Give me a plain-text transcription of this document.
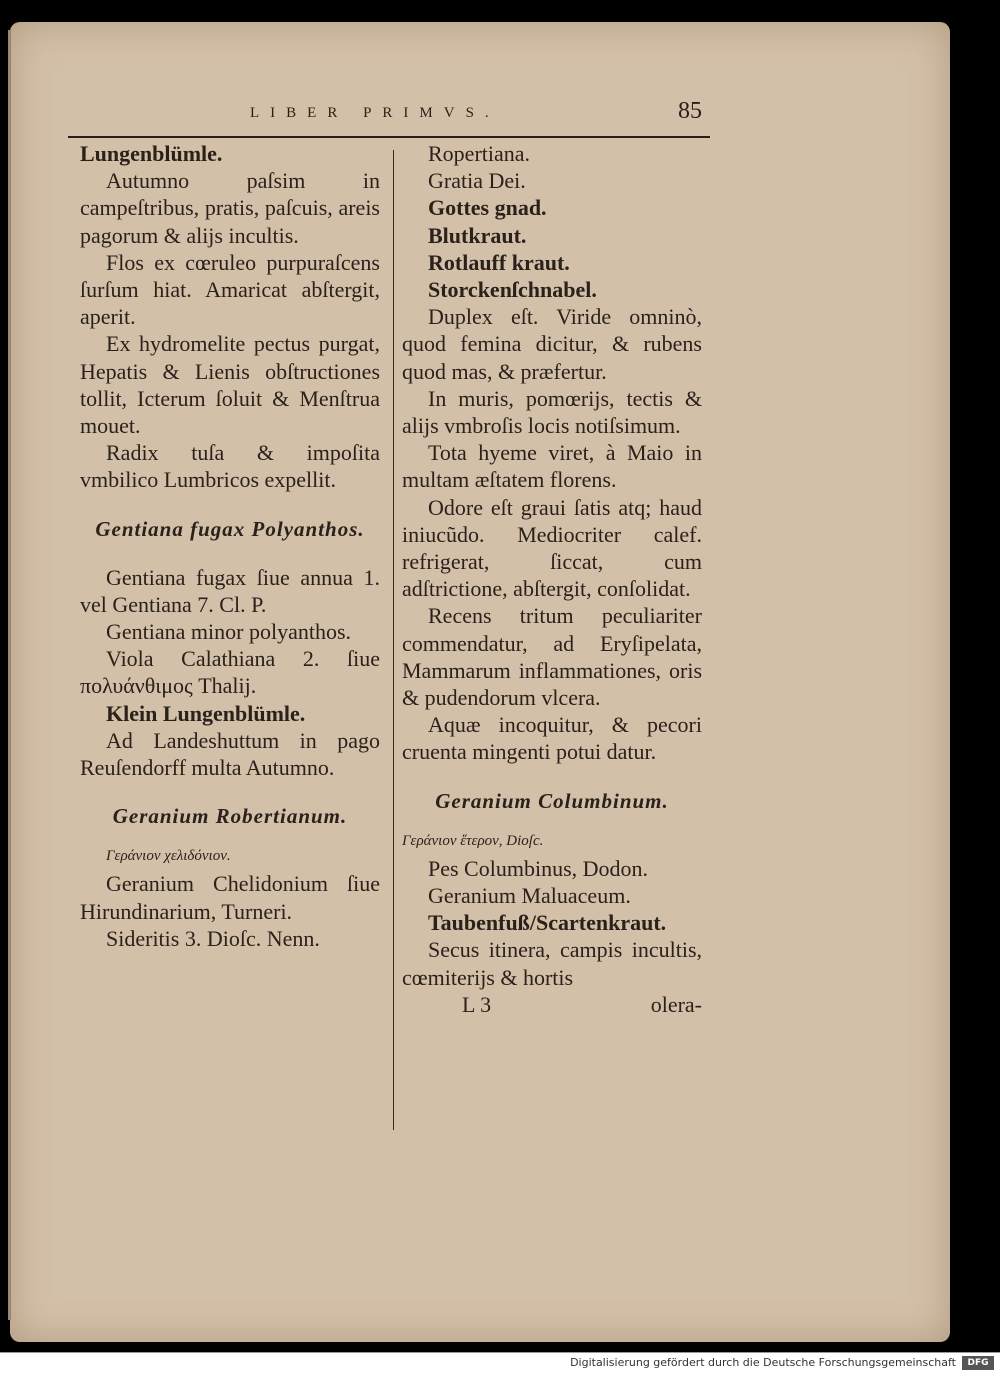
LIBER PRIMVS.	85

Lungenblümle.

Autumno paſsim in campeſtribus, pratis, paſcuis, areis pagorum & alijs incultis.

Flos ex cœruleo purpuraſcens ſurſum hiat. Amaricat abſtergit, aperit.

Ex hydromelite pectus purgat, Hepatis & Lienis obſtructiones tollit, Icterum ſoluit & Menſtrua mouet.

Radix tuſa & impoſita vmbilico Lumbricos expellit.

Gentiana fugax Polyanthos.

Gentiana fugax ſiue annua 1. vel Gentiana 7. Cl. P.

Gentiana minor polyanthos.

Viola Calathiana 2. ſiue πολυάνθιμος Thalij.

Klein Lungenblümle.

Ad Landeshuttum in pago Reuſendorff multa Autumno.

Geranium Robertianum.

Γεράνιον χελιδόνιον.

Geranium Chelidonium ſiue Hirundinarium, Turneri.

Sideritis 3. Dioſc. Nenn.

Ropertiana.

Gratia Dei.

Gottes gnad.

Blutkraut.

Rotlauff kraut.

Storckenſchnabel.

Duplex eſt. Viride omninò, quod femina dicitur, & rubens quod mas, & præfertur.

In muris, pomœrijs, tectis & alijs vmbroſis locis notiſsimum.

Tota hyeme viret, à Maio in multam æſtatem florens.

Odore eſt graui ſatis atq; haud iniucũdo. Mediocriter calef. refrigerat, ſiccat, cum adſtrictione, abſtergit, conſolidat.

Recens tritum peculiariter commendatur, ad Eryſipelata, Mammarum inflammationes, oris & pudendorum vlcera.

Aquæ incoquitur, & pecori cruenta mingenti potui datur.

Geranium Columbinum.

Γεράνιον ἕτερον, Dioſc.

Pes Columbinus, Dodon.

Geranium Maluaceum.

Taubenfuß/Scartenkraut.

Secus itinera, campis incultis, cœmiterijs & hortis

L 3	olera-
Digitalisierung gefördert durch die Deutsche Forschungsgemeinschaft	DFG
